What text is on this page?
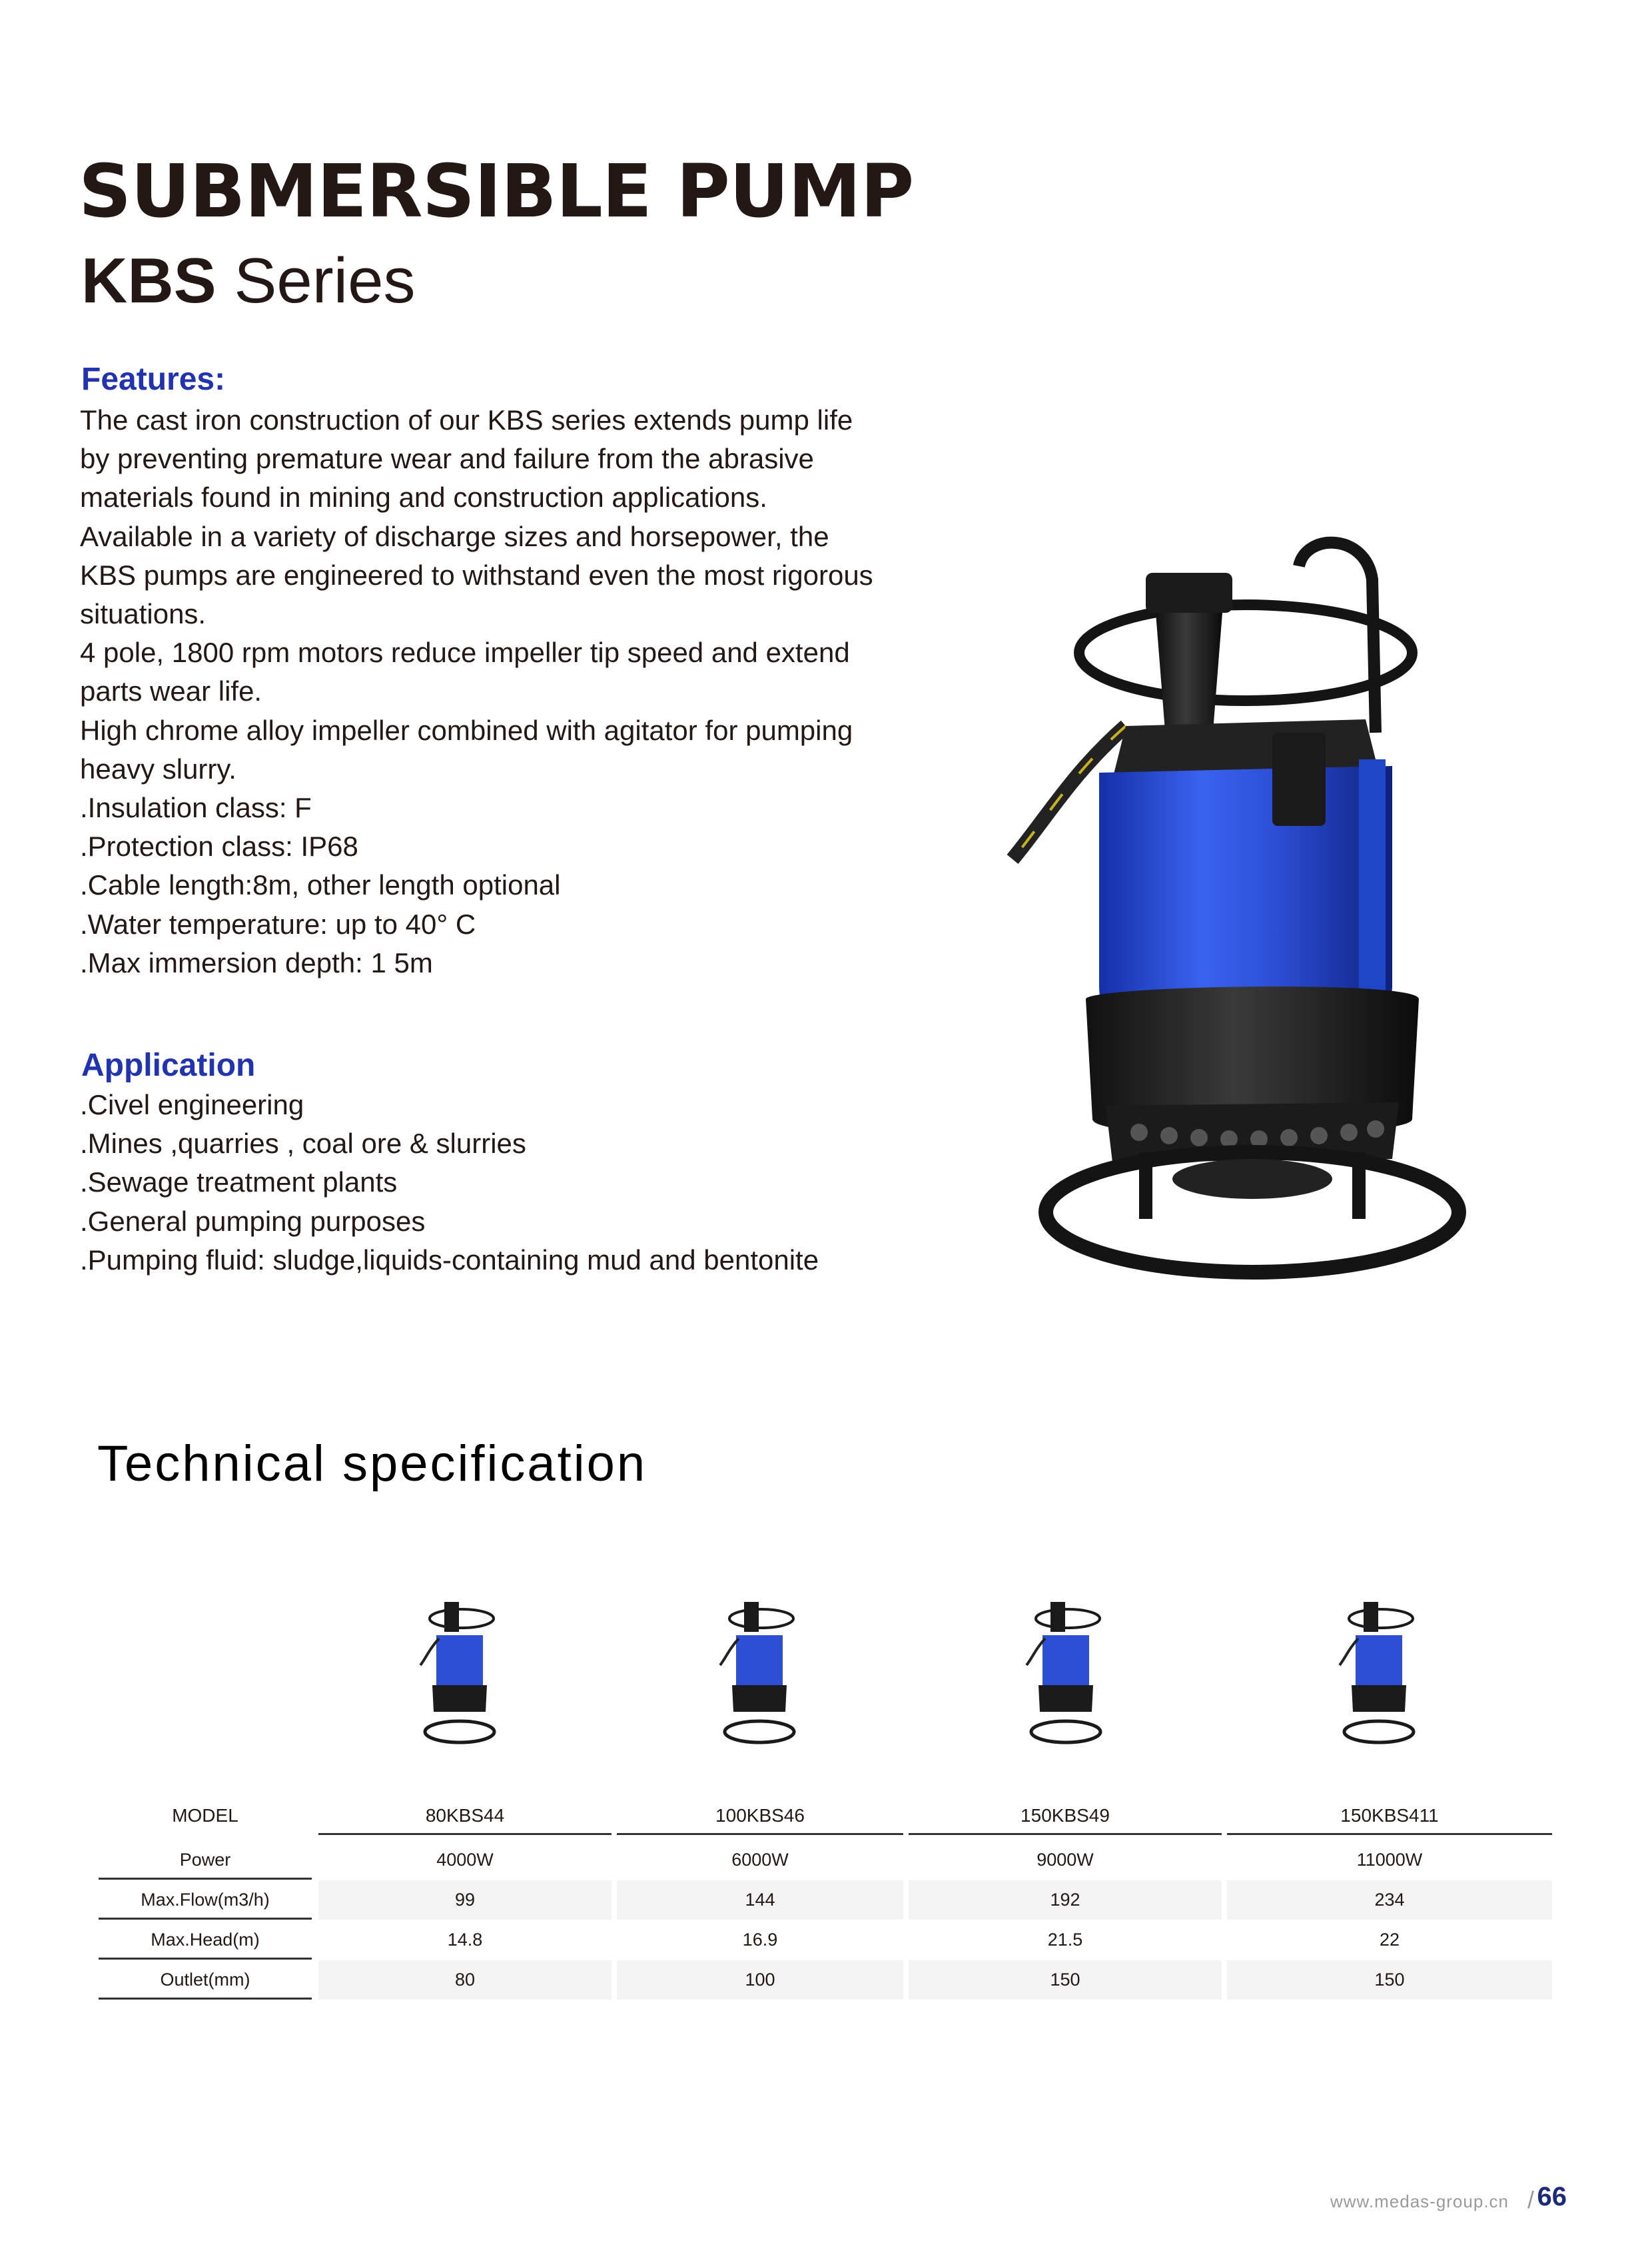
SUBMERSIBLE PUMP
KBS Series
Features:
The cast iron construction of our KBS series extends pump life
by preventing premature wear and failure from the abrasive
materials found in mining and construction applications.
Available in a variety of discharge sizes and horsepower, the
KBS pumps are engineered to withstand even the most rigorous
situations.
4 pole, 1800 rpm motors reduce impeller tip speed and extend
parts wear life.
High chrome alloy impeller combined with agitator for pumping
heavy slurry.
.Insulation class: F
.Protection class: IP68
.Cable length:8m, other length optional
.Water temperature: up to 40° C
.Max immersion depth: 1 5m
Application
.Civel engineering
.Mines ,quarries , coal ore & slurries
.Sewage treatment plants
.General pumping purposes
.Pumping fluid: sludge,liquids-containing mud and bentonite
Technical specification
MODEL	80KBS44	100KBS46	150KBS49	150KBS411
Power	4000W	6000W	9000W	11000W
Max.Flow(m3/h)	99	144	192	234
Max.Head(m)	14.8	16.9	21.5	22
Outlet(mm)	80	100	150	150
www.medas-group.cn / 66
